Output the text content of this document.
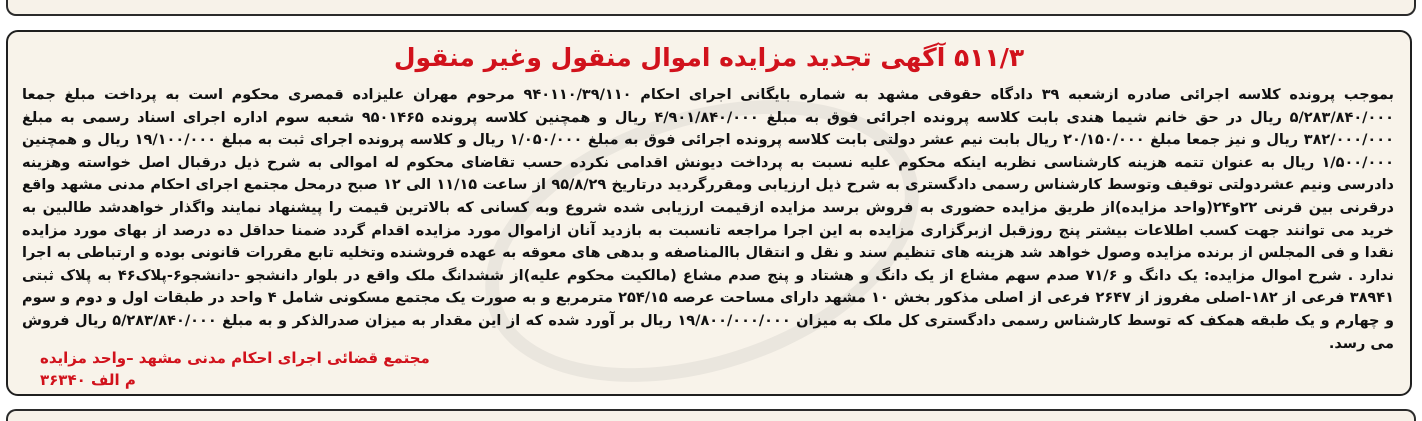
۵۱۱/۳ آگهی تجدید مزایده اموال منقول وغیر منقول

بموجب پرونده کلاسه اجرائی صادره ازشعبه ۳۹ دادگاه حقوقی مشهد به شماره بایگانی اجرای احکام ۹۴۰۱۱۰/۳۹/۱۱۰ مرحوم مهران علیزاده قمصری محکوم است به پرداخت مبلغ جمعا ۵/۲۸۳/۸۴۰/۰۰۰ ریال در حق خانم شیما هندی بابت کلاسه پرونده اجرائی فوق به مبلغ ۴/۹۰۱/۸۴۰/۰۰۰ ریال و همچنین کلاسه پرونده ۹۵۰۱۴۶۵ شعبه سوم اداره اجرای اسناد رسمی به مبلغ ۳۸۲/۰۰۰/۰۰۰ ریال و نیز جمعا مبلغ ۲۰/۱۵۰/۰۰۰ ریال بابت نیم عشر دولتی بابت کلاسه پرونده اجرائی فوق به مبلغ ۱/۰۵۰/۰۰۰ ریال و کلاسه پرونده اجرای ثبت به مبلغ ۱۹/۱۰۰/۰۰۰ ریال و همچنین ۱/۵۰۰/۰۰۰ ریال به عنوان تتمه هزینه کارشناسی نظربه اینکه محکوم علیه نسبت به پرداخت دیونش اقدامی نکرده حسب تقاضای محکوم له اموالی به شرح ذیل درقبال اصل خواسته وهزینه دادرسی ونیم عشردولتی توقیف وتوسط کارشناس رسمی دادگستری به شرح ذیل ارزیابی ومقررگردید درتاریخ ۹۵/۸/۲۹ از ساعت ۱۱/۱۵ الی ۱۲ صبح درمحل مجتمع اجرای احکام مدنی مشهد واقع درقرنی بین قرنی ۲۲و۲۴(واحد مزایده)از طریق مزایده حضوری به فروش برسد مزایده ازقیمت ارزیابی شده شروع وبه کسانی که بالاترین قیمت را پیشنهاد نمایند واگذار خواهدشد طالبین به خرید می توانند جهت کسب اطلاعات بیشتر پنج روزقبل ازبرگزاری مزایده به این اجرا مراجعه تانسبت به بازدید آنان ازاموال مورد مزایده اقدام گردد ضمنا حداقل ده درصد از بهای مورد مزایده نقدا و فی المجلس از برنده مزایده وصول خواهد شد هزینه های تنظیم سند و نقل و انتقال باالمناصفه و بدهی های معوقه به عهده فروشنده وتخلیه تابع مقررات قانونی بوده و ارتباطی به اجرا ندارد . شرح اموال مزایده: یک دانگ و ۷۱/۶ صدم سهم مشاع از یک دانگ و هشتاد و پنج صدم مشاع (مالکیت محکوم علیه)از ششدانگ ملک واقع در بلوار دانشجو -دانشجو۶-پلاک۴۶ به پلاک ثبتی ۳۸۹۴۱ فرعی از ۱۸۲-اصلی مفروز از ۲۶۴۷ فرعی از اصلی مذکور بخش ۱۰ مشهد دارای مساحت عرصه ۲۵۴/۱۵ مترمربع و به صورت یک مجتمع مسکونی شامل ۴ واحد در طبقات اول و دوم و سوم و چهارم و یک طبقه همکف که توسط کارشناس رسمی دادگستری کل ملک به میزان ۱۹/۸۰۰/۰۰۰/۰۰۰ ریال بر آورد شده که از این مقدار به میزان صدرالذکر و به مبلغ ۵/۲۸۳/۸۴۰/۰۰۰ ریال فروش می رسد.

مجتمع قضائی اجرای احکام مدنی مشهد –واحد مزایده
م الف ۳۶۳۴۰
